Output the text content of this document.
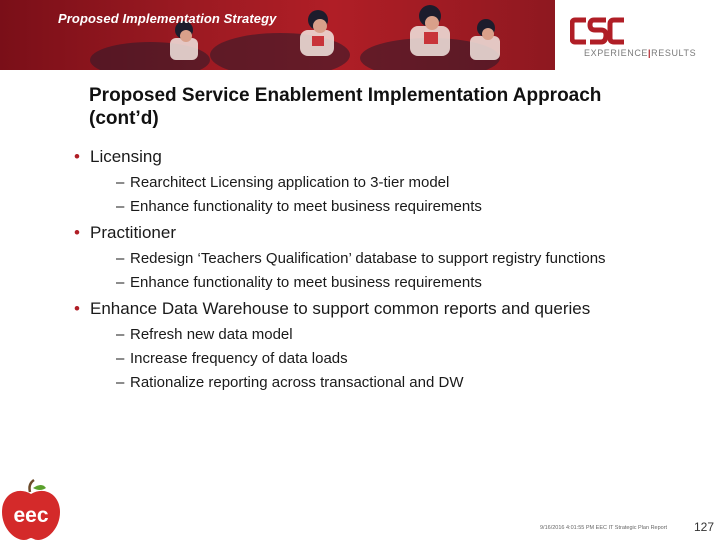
Proposed Implementation Strategy
EXPERIENCE|RESULTS
Proposed Service Enablement Implementation Approach (cont’d)
• Licensing
– Rearchitect Licensing application to 3-tier model
– Enhance functionality to meet business requirements
• Practitioner
– Redesign ‘Teachers Qualification’ database to support registry functions
– Enhance functionality to meet business requirements
• Enhance Data Warehouse to support common reports and queries
– Refresh new data model
– Increase frequency of data loads
– Rationalize reporting across transactional and DW
eec
9/16/2016 4:01:55 PM EEC IT Strategic Plan Report 127
